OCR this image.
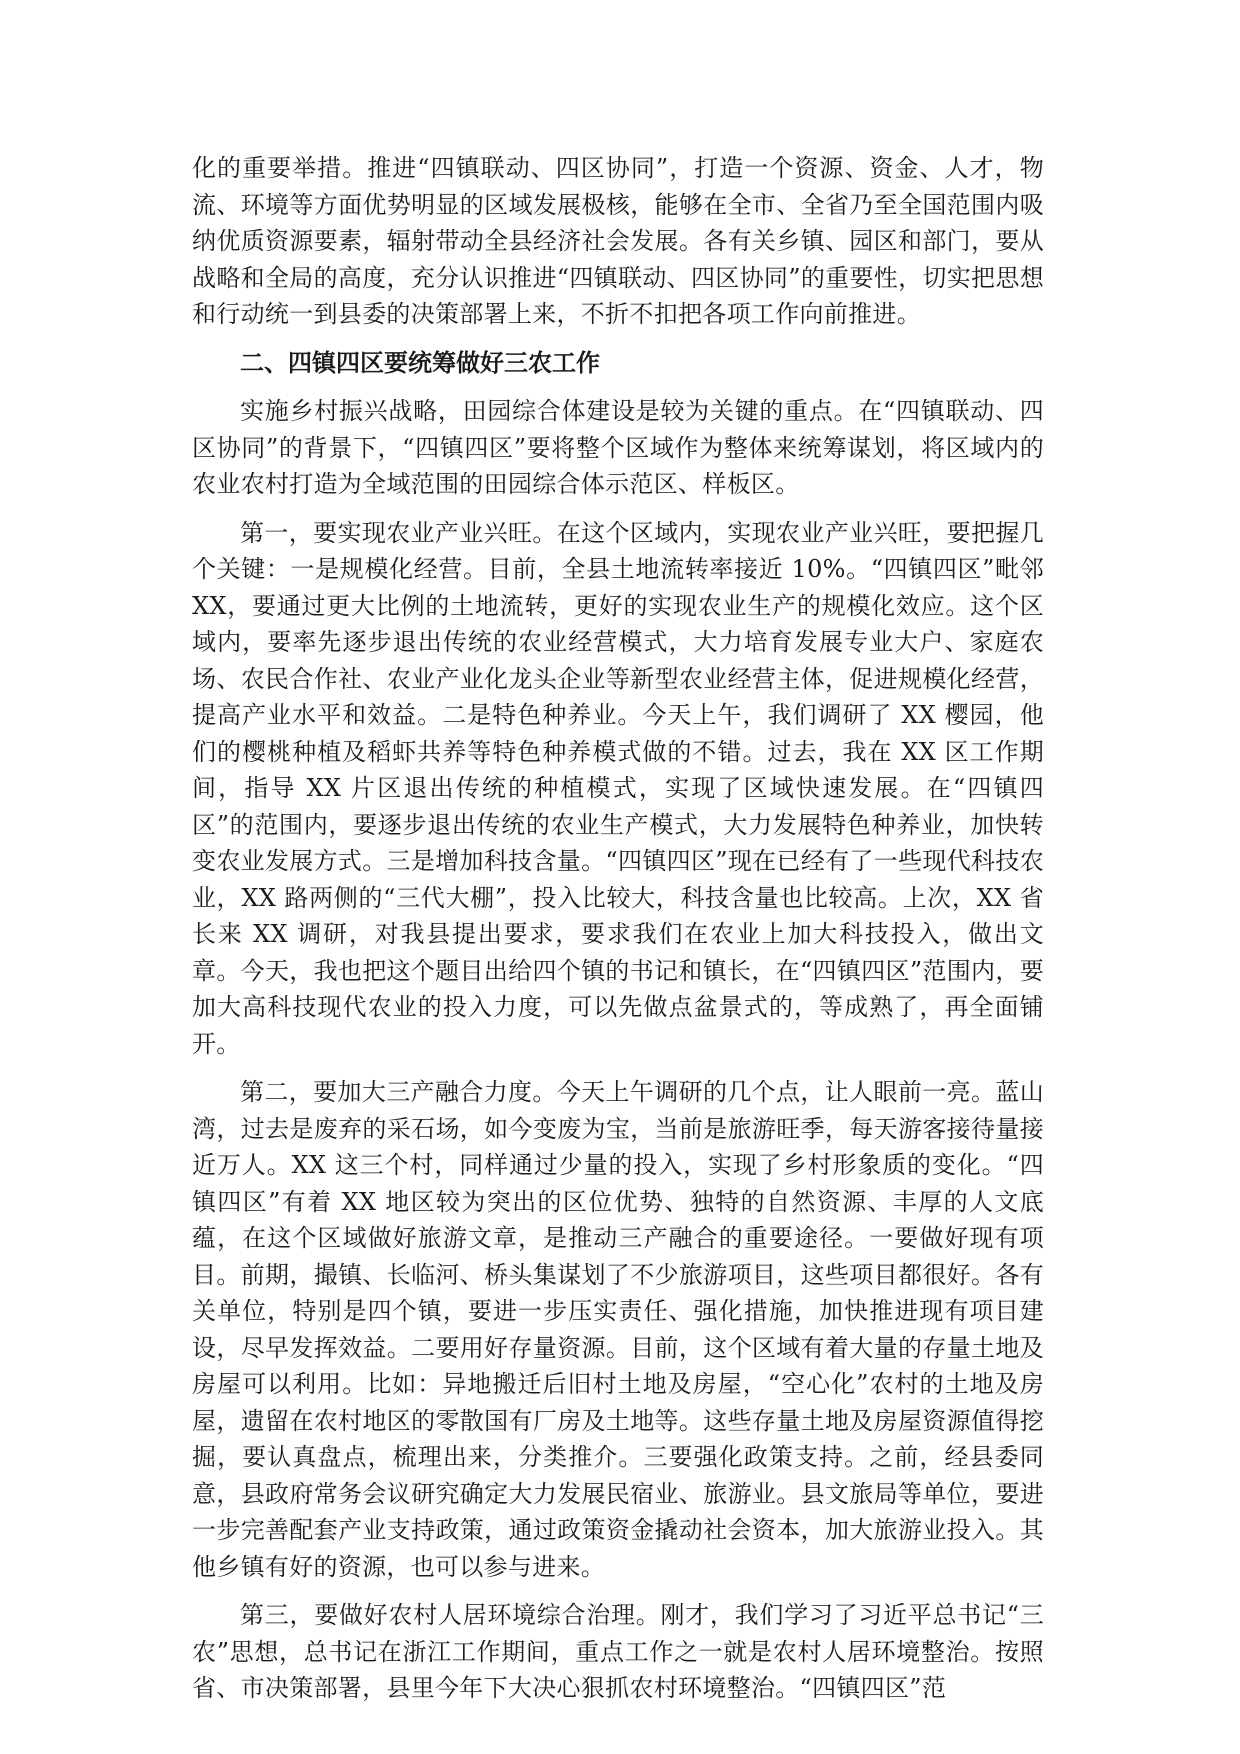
化的重要举措。推进“四镇联动、四区协同”，打造一个资源、资金、人才，物流、环境等方面优势明显的区域发展极核，能够在全市、全省乃至全国范围内吸纳优质资源要素，辐射带动全县经济社会发展。各有关乡镇、园区和部门，要从战略和全局的高度，充分认识推进“四镇联动、四区协同”的重要性，切实把思想和行动统一到县委的决策部署上来，不折不扣把各项工作向前推进。

二、四镇四区要统筹做好三农工作

实施乡村振兴战略，田园综合体建设是较为关键的重点。在“四镇联动、四区协同”的背景下，“四镇四区”要将整个区域作为整体来统筹谋划，将区域内的农业农村打造为全域范围的田园综合体示范区、样板区。

第一，要实现农业产业兴旺。在这个区域内，实现农业产业兴旺，要把握几个关键：一是规模化经营。目前，全县土地流转率接近 10%。“四镇四区”毗邻 XX，要通过更大比例的土地流转，更好的实现农业生产的规模化效应。这个区域内，要率先逐步退出传统的农业经营模式，大力培育发展专业大户、家庭农场、农民合作社、农业产业化龙头企业等新型农业经营主体，促进规模化经营，提高产业水平和效益。二是特色种养业。今天上午，我们调研了 XX 樱园，他们的樱桃种植及稻虾共养等特色种养模式做的不错。过去，我在 XX 区工作期间，指导 XX 片区退出传统的种植模式，实现了区域快速发展。在“四镇四区”的范围内，要逐步退出传统的农业生产模式，大力发展特色种养业，加快转变农业发展方式。三是增加科技含量。“四镇四区”现在已经有了一些现代科技农业，XX 路两侧的“三代大棚”，投入比较大，科技含量也比较高。上次，XX 省长来 XX 调研，对我县提出要求，要求我们在农业上加大科技投入，做出文章。今天，我也把这个题目出给四个镇的书记和镇长，在“四镇四区”范围内，要加大高科技现代农业的投入力度，可以先做点盆景式的，等成熟了，再全面铺开。

第二，要加大三产融合力度。今天上午调研的几个点，让人眼前一亮。蓝山湾，过去是废弃的采石场，如今变废为宝，当前是旅游旺季，每天游客接待量接近万人。XX 这三个村，同样通过少量的投入，实现了乡村形象质的变化。“四镇四区”有着 XX 地区较为突出的区位优势、独特的自然资源、丰厚的人文底蕴，在这个区域做好旅游文章，是推动三产融合的重要途径。一要做好现有项目。前期，撮镇、长临河、桥头集谋划了不少旅游项目，这些项目都很好。各有关单位，特别是四个镇，要进一步压实责任、强化措施，加快推进现有项目建设，尽早发挥效益。二要用好存量资源。目前，这个区域有着大量的存量土地及房屋可以利用。比如：异地搬迁后旧村土地及房屋，“空心化”农村的土地及房屋，遗留在农村地区的零散国有厂房及土地等。这些存量土地及房屋资源值得挖掘，要认真盘点，梳理出来，分类推介。三要强化政策支持。之前，经县委同意，县政府常务会议研究确定大力发展民宿业、旅游业。县文旅局等单位，要进一步完善配套产业支持政策，通过政策资金撬动社会资本，加大旅游业投入。其他乡镇有好的资源，也可以参与进来。

第三，要做好农村人居环境综合治理。刚才，我们学习了习近平总书记“三农”思想，总书记在浙江工作期间，重点工作之一就是农村人居环境整治。按照省、市决策部署，县里今年下大决心狠抓农村环境整治。“四镇四区”范
